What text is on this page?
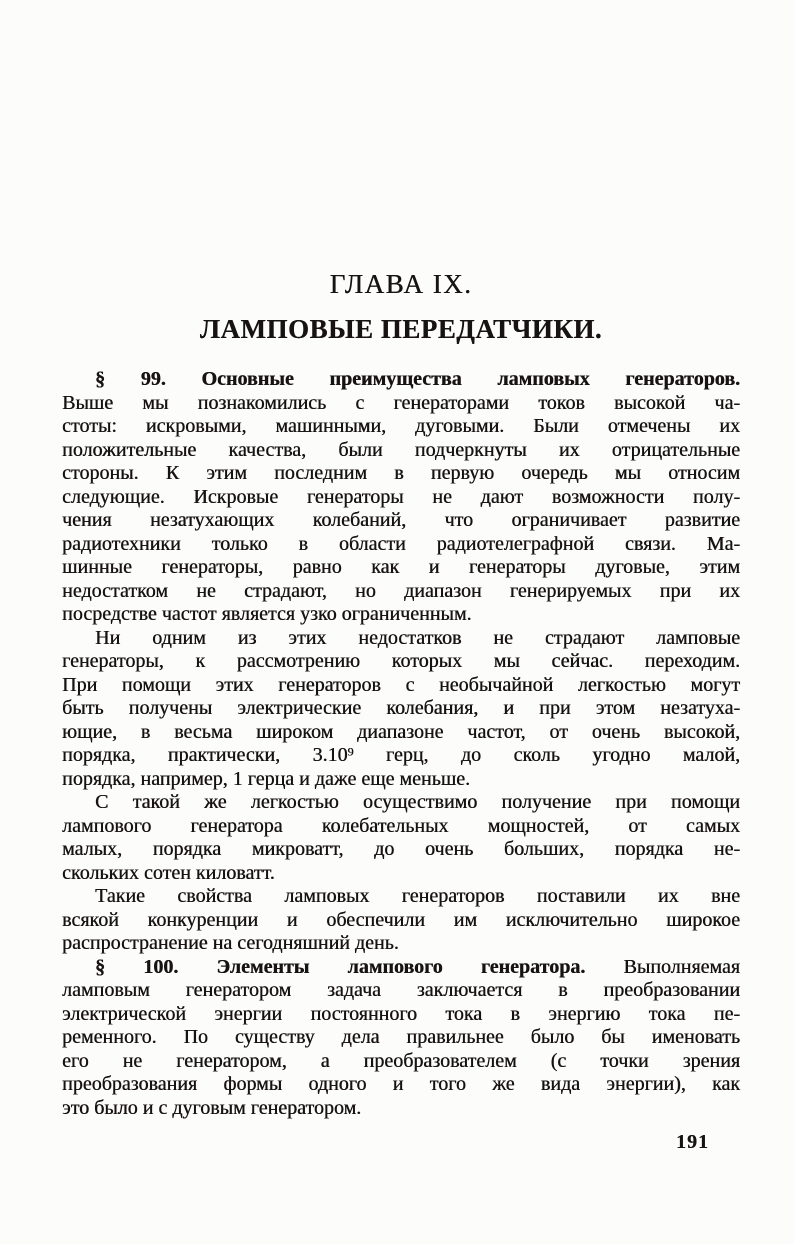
ГЛАВА IX.
ЛАМПОВЫЕ ПЕРЕДАТЧИКИ.
§ 99. Основные преимущества ламповых генераторов.
Выше мы познакомились с генераторами токов высокой ча-
стоты: искровыми, машинными, дуговыми. Были отмечены их
положительные качества, были подчеркнуты их отрицательные
стороны. К этим последним в первую очередь мы относим
следующие. Искровые генераторы не дают возможности полу-
чения незатухающих колебаний, что ограничивает развитие
радиотехники только в области радиотелеграфной связи. Ма-
шинные генераторы, равно как и генераторы дуговые, этим
недостатком не страдают, но диапазон генерируемых при их
посредстве частот является узко ограниченным.
Ни одним из этих недостатков не страдают ламповые
генераторы, к рассмотрению которых мы сейчас. переходим.
При помощи этих генераторов с необычайной легкостью могут
быть получены электрические колебания, и при этом незатуха-
ющие, в весьма широком диапазоне частот, от очень высокой,
порядка, практически, 3.10$^9$ герц, до сколь угодно малой,
порядка, например, 1 герца и даже еще меньше.
С такой же легкостью осуществимо получение при помощи
лампового генератора колебательных мощностей, от самых
малых, порядка микроватт, до очень больших, порядка не-
скольких сотен киловатт.
Такие свойства ламповых генераторов поставили их вне
всякой конкуренции и обеспечили им исключительно широкое
распространение на сегодняшний день.
§ 100. Элементы лампового генератора. Выполняемая
ламповым генератором задача заключается в преобразовании
электрической энергии постоянного тока в энергию тока пе-
ременного. По существу дела правильнее было бы именовать
его не генератором, а преобразователем (с точки зрения
преобразования формы одного и того же вида энергии), как
это было и с дуговым генератором.
191
